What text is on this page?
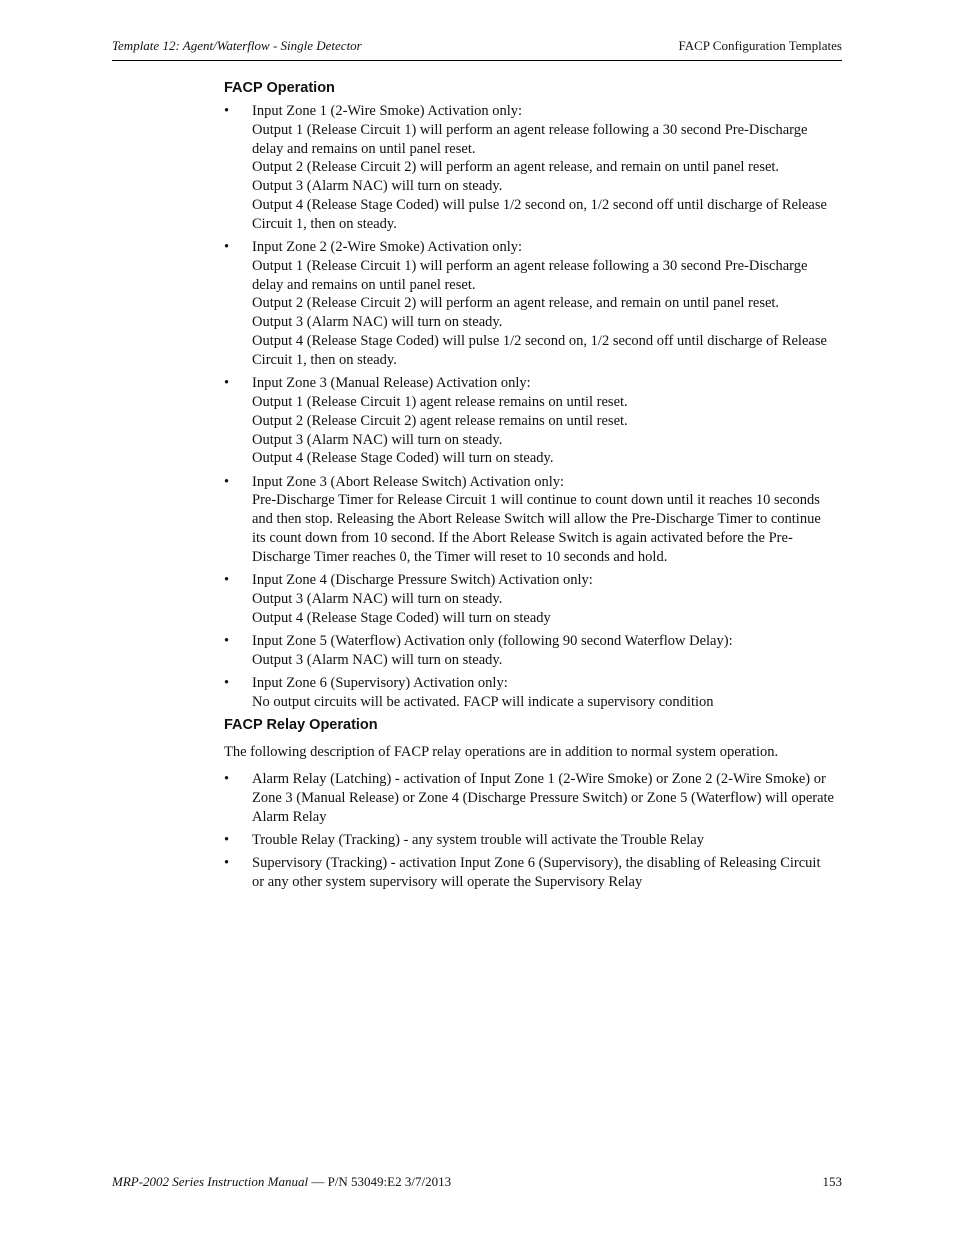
Template 12: Agent/Waterflow - Single Detector	FACP Configuration Templates
FACP Operation
• Input Zone 1 (2-Wire Smoke) Activation only:
Output 1 (Release Circuit 1) will perform an agent release following a 30 second Pre-Discharge delay and remains on until panel reset.
Output 2 (Release Circuit 2) will perform an agent release, and remain on until panel reset.
Output 3 (Alarm NAC) will turn on steady.
Output 4 (Release Stage Coded) will pulse 1/2 second on, 1/2 second off until discharge of Release Circuit 1, then on steady.
• Input Zone 2 (2-Wire Smoke) Activation only:
Output 1 (Release Circuit 1) will perform an agent release following a 30 second Pre-Discharge delay and remains on until panel reset.
Output 2 (Release Circuit 2) will perform an agent release, and remain on until panel reset.
Output 3 (Alarm NAC) will turn on steady.
Output 4 (Release Stage Coded) will pulse 1/2 second on, 1/2 second off until discharge of Release Circuit 1, then on steady.
• Input Zone 3 (Manual Release) Activation only:
Output 1 (Release Circuit 1) agent release remains on until reset.
Output 2 (Release Circuit 2) agent release remains on until reset.
Output 3 (Alarm NAC) will turn on steady.
Output 4 (Release Stage Coded) will turn on steady.
• Input Zone 3 (Abort Release Switch) Activation only:
Pre-Discharge Timer for Release Circuit 1 will continue to count down until it reaches 10 seconds and then stop. Releasing the Abort Release Switch will allow the Pre-Discharge Timer to continue its count down from 10 second. If the Abort Release Switch is again activated before the Pre-Discharge Timer reaches 0, the Timer will reset to 10 seconds and hold.
• Input Zone 4 (Discharge Pressure Switch) Activation only:
Output 3 (Alarm NAC) will turn on steady.
Output 4 (Release Stage Coded) will turn on steady
• Input Zone 5 (Waterflow) Activation only (following 90 second Waterflow Delay):
Output 3 (Alarm NAC) will turn on steady.
• Input Zone 6 (Supervisory) Activation only:
No output circuits will be activated. FACP will indicate a supervisory condition
FACP Relay Operation

The following description of FACP relay operations are in addition to normal system operation.

• Alarm Relay (Latching) - activation of Input Zone 1 (2-Wire Smoke) or Zone 2 (2-Wire Smoke) or Zone 3 (Manual Release) or Zone 4 (Discharge Pressure Switch) or Zone 5 (Waterflow) will operate Alarm Relay
• Trouble Relay (Tracking) - any system trouble will activate the Trouble Relay
• Supervisory (Tracking) - activation Input Zone 6 (Supervisory), the disabling of Releasing Circuit or any other system supervisory will operate the Supervisory Relay
MRP-2002 Series Instruction Manual — P/N 53049:E2 3/7/2013	153
